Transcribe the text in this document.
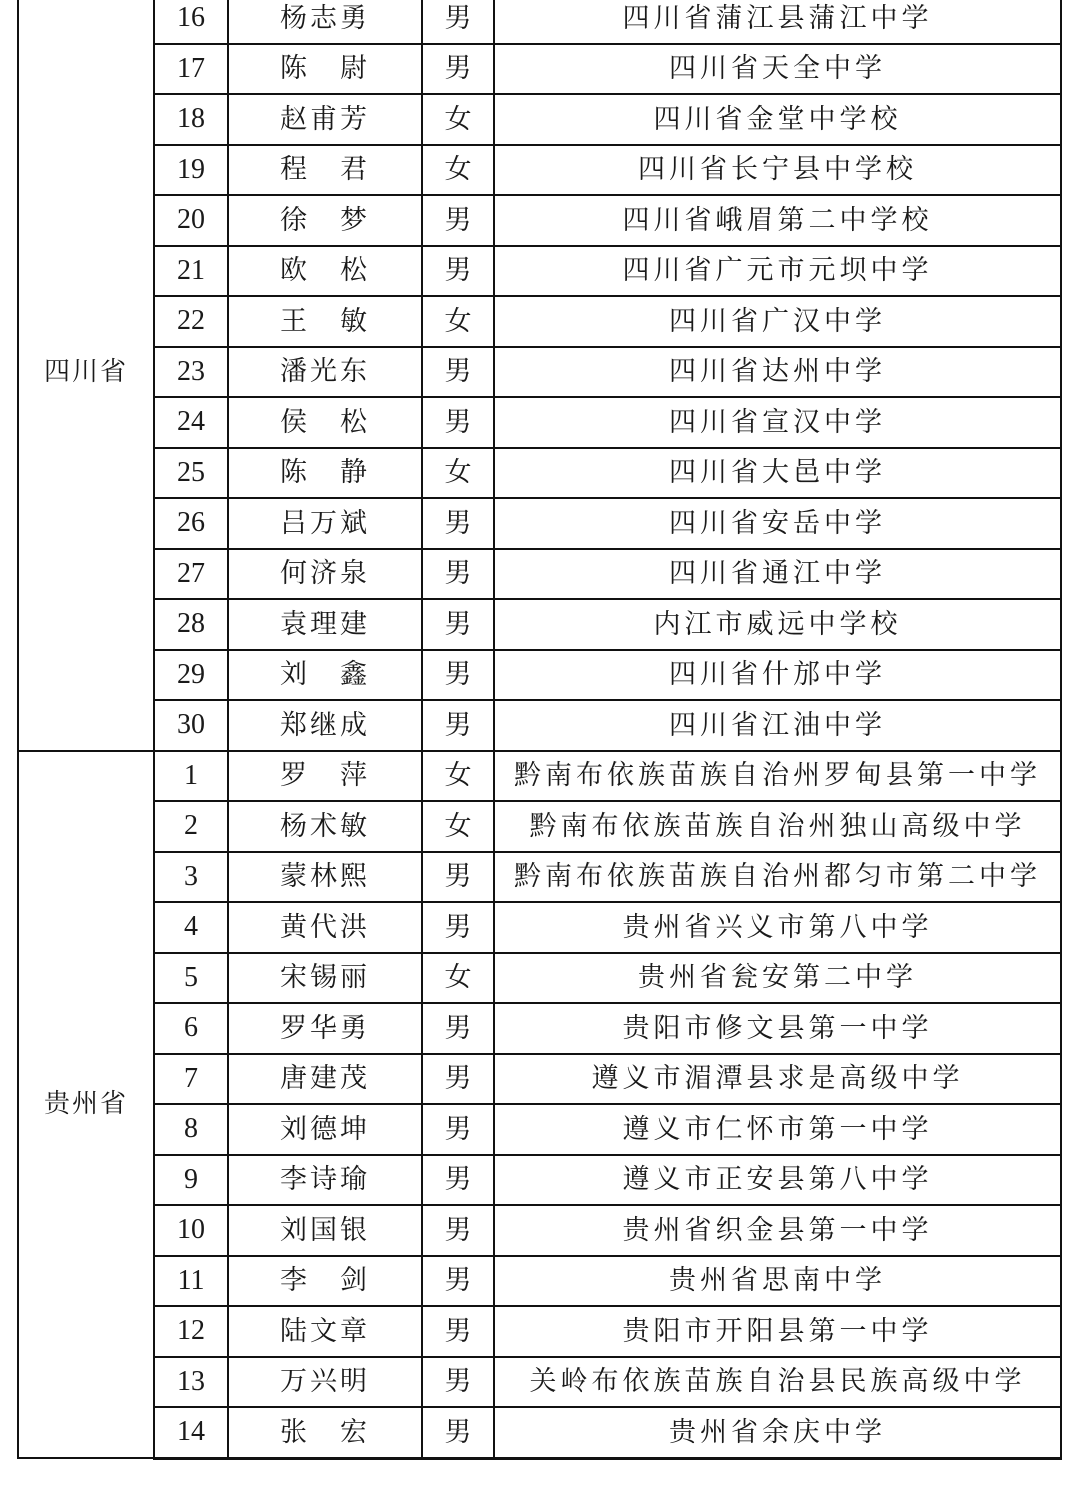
四川省	16	杨志勇	男	四川省蒲江县蒲江中学
	17	陈　尉	男	四川省天全中学
	18	赵甫芳	女	四川省金堂中学校
	19	程　君	女	四川省长宁县中学校
	20	徐　梦	男	四川省峨眉第二中学校
	21	欧　松	男	四川省广元市元坝中学
	22	王　敏	女	四川省广汉中学
	23	潘光东	男	四川省达州中学
	24	侯　松	男	四川省宣汉中学
	25	陈　静	女	四川省大邑中学
	26	吕万斌	男	四川省安岳中学
	27	何济泉	男	四川省通江中学
	28	袁理建	男	内江市威远中学校
	29	刘　鑫	男	四川省什邡中学
	30	郑继成	男	四川省江油中学
贵州省	1	罗　萍	女	黔南布依族苗族自治州罗甸县第一中学
	2	杨术敏	女	黔南布依族苗族自治州独山高级中学
	3	蒙林熙	男	黔南布依族苗族自治州都匀市第二中学
	4	黄代洪	男	贵州省兴义市第八中学
	5	宋锡丽	女	贵州省瓮安第二中学
	6	罗华勇	男	贵阳市修文县第一中学
	7	唐建茂	男	遵义市湄潭县求是高级中学
	8	刘德坤	男	遵义市仁怀市第一中学
	9	李诗瑜	男	遵义市正安县第八中学
	10	刘国银	男	贵州省织金县第一中学
	11	李　剑	男	贵州省思南中学
	12	陆文章	男	贵阳市开阳县第一中学
	13	万兴明	男	关岭布依族苗族自治县民族高级中学
	14	张　宏	男	贵州省余庆中学
